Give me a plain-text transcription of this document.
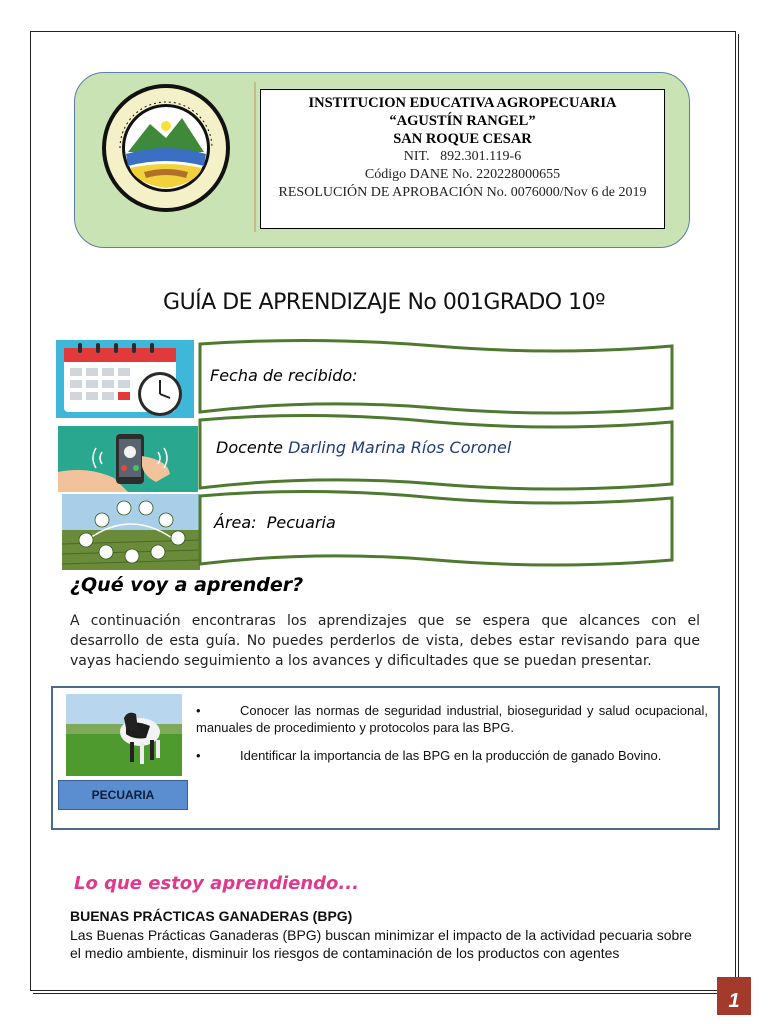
INSTITUCION EDUCATIVA AGROPECUARIA
“AGUSTÍN RANGEL”
SAN ROQUE CESAR
NIT.   892.301.119-6
Código DANE No. 220228000655
RESOLUCIÓN DE APROBACIÓN No. 0076000/Nov 6 de 2019
GUÍA DE APRENDIZAJE No 001GRADO 10º
Fecha de recibido:
Docente Darling Marina Ríos Coronel
Área:  Pecuaria
¿Qué voy a aprender?
A continuación encontraras los aprendizajes que se espera que alcances con el desarrollo de esta guía. No puedes perderlos de vista, debes estar revisando para que vayas haciendo seguimiento a los avances y dificultades que se puedan presentar.
PECUARIA
•	Conocer las normas de seguridad industrial, bioseguridad y salud ocupacional, manuales de procedimiento y protocolos para las BPG.
•	Identificar la importancia de las BPG en la producción de ganado Bovino.
Lo que estoy aprendiendo...
BUENAS PRÁCTICAS GANADERAS (BPG)
Las Buenas Prácticas Ganaderas (BPG) buscan minimizar el impacto de la actividad pecuaria sobre el medio ambiente, disminuir los riesgos de contaminación de los productos con agentes
1
